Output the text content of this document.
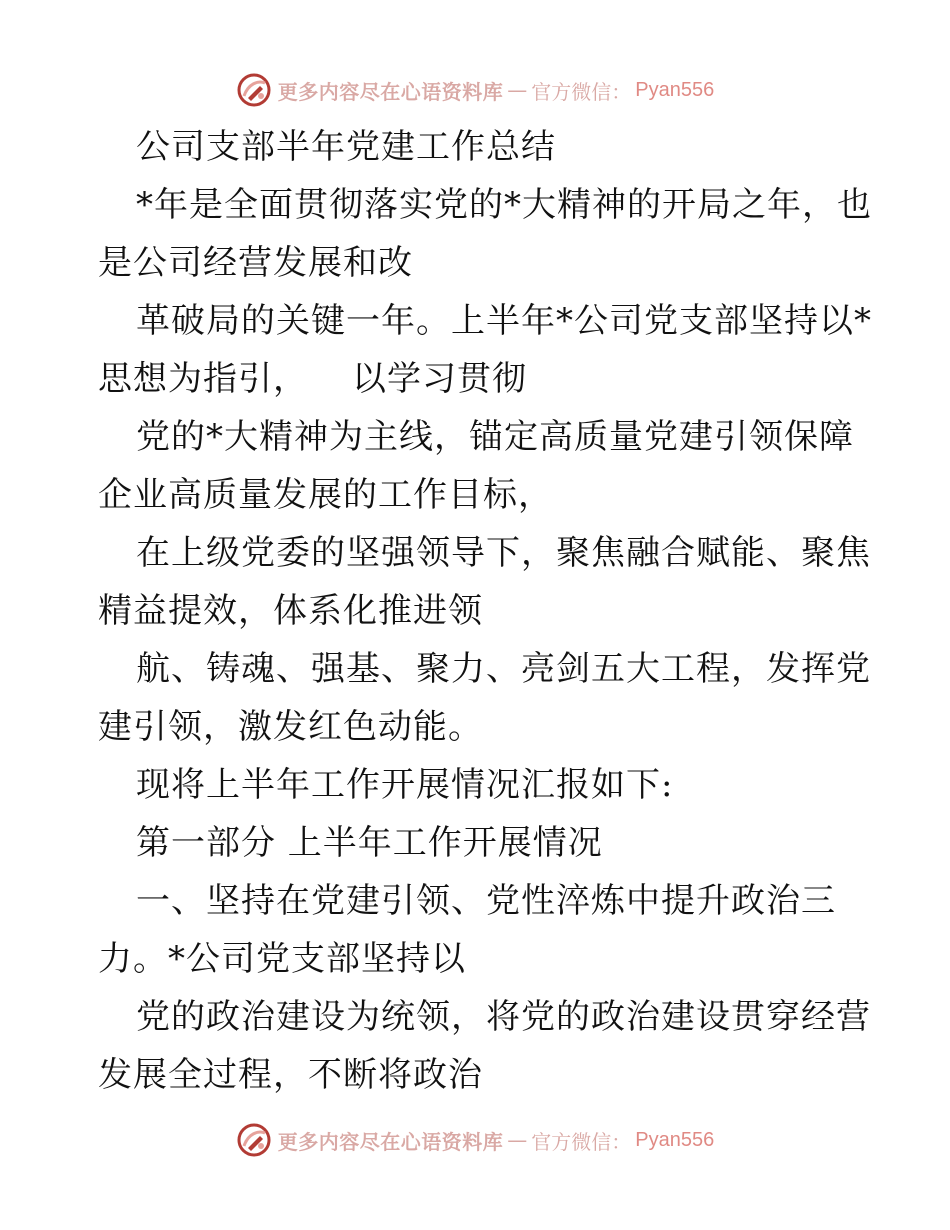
更多内容尽在心语资料库 — 官方微信： Pyan556
公司支部半年党建工作总结
*年是全面贯彻落实党的*大精神的开局之年，也
是公司经营发展和改
革破局的关键一年。上半年*公司党支部坚持以*
思想为指引， 以学习贯彻
党的*大精神为主线，锚定高质量党建引领保障
企业高质量发展的工作目标，
在上级党委的坚强领导下，聚焦融合赋能、聚焦
精益提效，体系化推进领
航、铸魂、强基、聚力、亮剑五大工程，发挥党
建引领，激发红色动能。
现将上半年工作开展情况汇报如下:
第一部分 上半年工作开展情况
一、坚持在党建引领、党性淬炼中提升政治三
力。*公司党支部坚持以
党的政治建设为统领，将党的政治建设贯穿经营
发展全过程，不断将政治
更多内容尽在心语资料库 — 官方微信： Pyan556
